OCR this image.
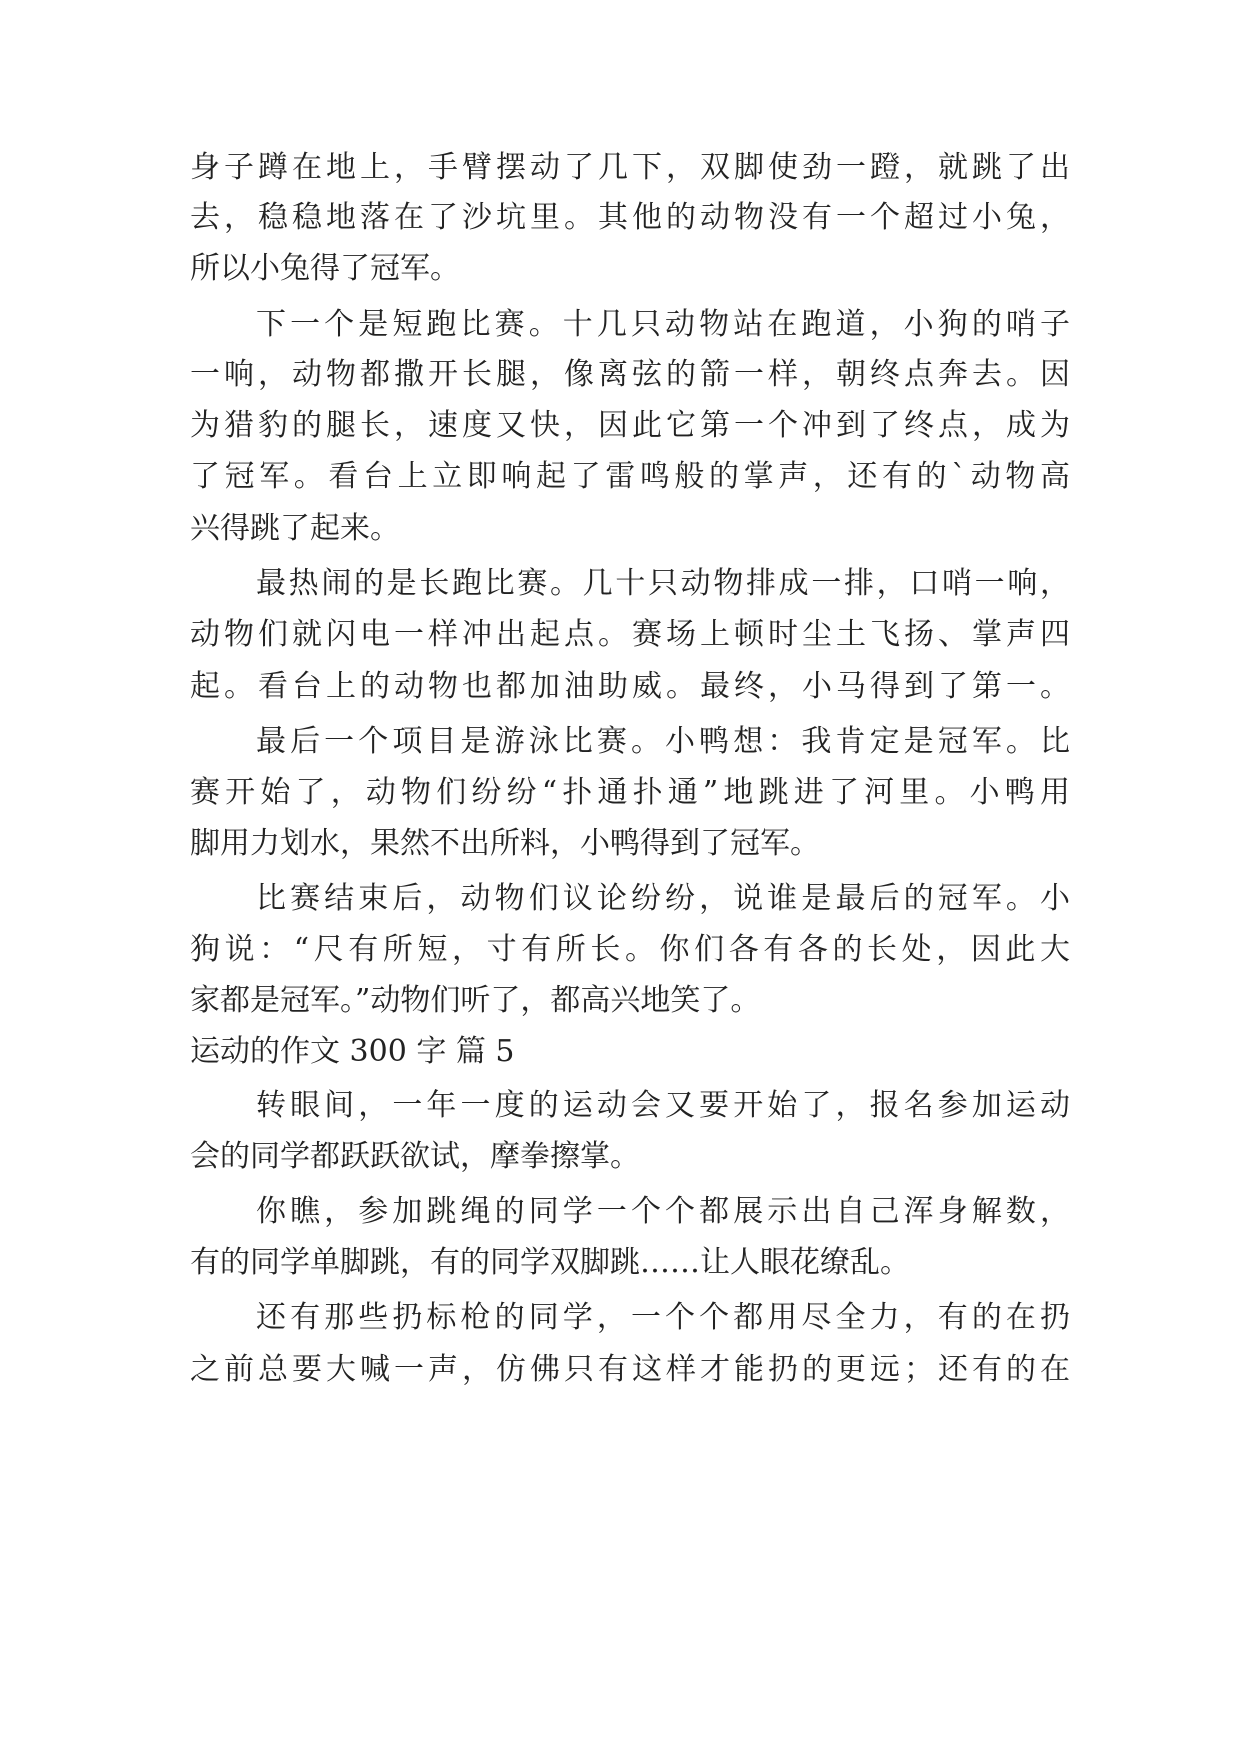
身子蹲在地上，手臂摆动了几下，双脚使劲一蹬，就跳了出
去，稳稳地落在了沙坑里。其他的动物没有一个超过小兔，
所以小兔得了冠军。
下一个是短跑比赛。十几只动物站在跑道，小狗的哨子
一响，动物都撒开长腿，像离弦的箭一样，朝终点奔去。因
为猎豹的腿长，速度又快，因此它第一个冲到了终点，成为
了冠军。看台上立即响起了雷鸣般的掌声，还有的`动物高
兴得跳了起来。
最热闹的是长跑比赛。几十只动物排成一排，口哨一响，
动物们就闪电一样冲出起点。赛场上顿时尘土飞扬、掌声四
起。看台上的动物也都加油助威。最终，小马得到了第一。
最后一个项目是游泳比赛。小鸭想：我肯定是冠军。比
赛开始了，动物们纷纷“扑通扑通”地跳进了河里。小鸭用
脚用力划水，果然不出所料，小鸭得到了冠军。
比赛结束后，动物们议论纷纷，说谁是最后的冠军。小
狗说：“尺有所短，寸有所长。你们各有各的长处，因此大
家都是冠军。”动物们听了，都高兴地笑了。
运动的作文 300 字 篇 5
转眼间，一年一度的运动会又要开始了，报名参加运动
会的同学都跃跃欲试，摩拳擦掌。
你瞧，参加跳绳的同学一个个都展示出自己浑身解数，
有的同学单脚跳，有的同学双脚跳……让人眼花缭乱。
还有那些扔标枪的同学，一个个都用尽全力，有的在扔
之前总要大喊一声，仿佛只有这样才能扔的更远；还有的在
